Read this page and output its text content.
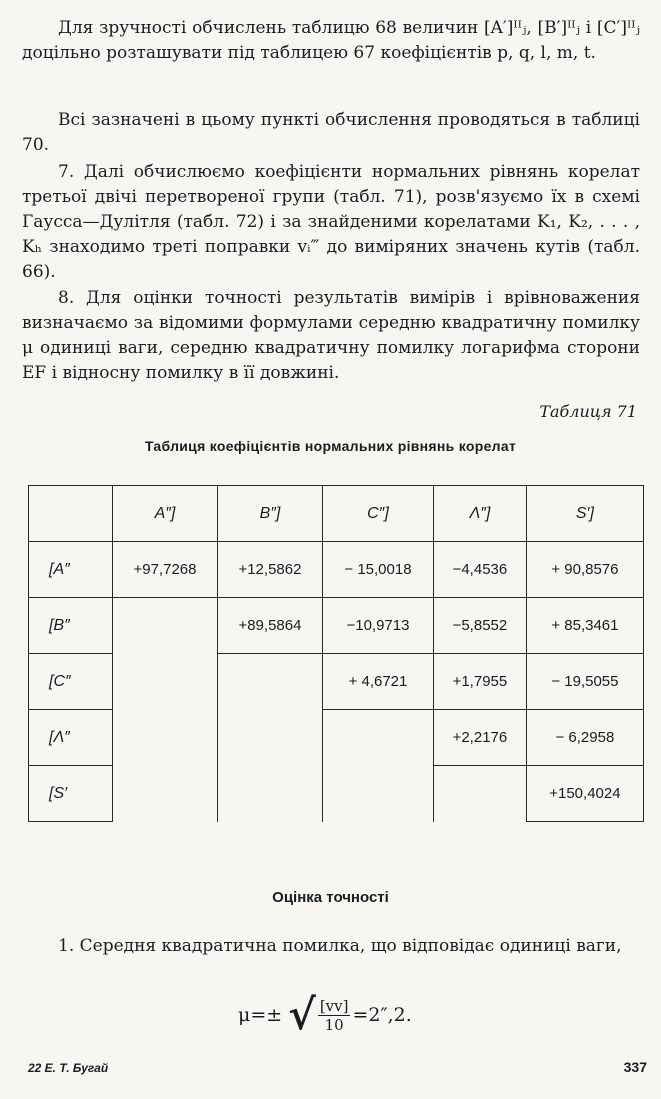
Для зручності обчислень таблицю 68 величин [A′]ᴵᴵⱼ, [B′]ᴵᴵⱼ і [C′]ᴵᴵⱼ доцільно розташувати під таблицею 67 коефіцієнтів p, q, l, m, t.

Всі зазначені в цьому пункті обчислення проводяться в таблиці 70.

7. Далі обчислюємо коефіцієнти нормальних рівнянь корелат третьої двічі перетвореної групи (табл. 71), розв'язуємо їх в схемі Гаусса—Дулітля (табл. 72) і за знайденими корелатами K₁, K₂, . . . , Kₕ знаходимо треті поправки vᵢ‴ до виміряних значень кутів (табл. 66).

8. Для оцінки точності результатів вимірів і врівноважения визначаємо за відомими формулами середню квадратичну помилку μ одиниці ваги, середню квадратичну помилку логарифма сторони EF і відносну помилку в її довжині.

Таблиця 71

Таблиця коефіцієнтів нормальних рівнянь корелат

	A″]	B″]	C″]	Λ″]	S′]
[A″	+97,7268	+12,5862	− 15,0018	−4,4536	+ 90,8576
[B″		+89,5864	−10,9713	−5,8552	+ 85,3461
[C″			+ 4,6721	+1,7955	− 19,5055
[Λ″				+2,2176	− 6,2958
[S′					+150,4024

Оцінка точності

1. Середня квадратична помилка, що відповідає одиниці ваги,

μ=± √ $\frac{[vv]}{10} =2'',2$.
22 Е. Т. Бугай	337
